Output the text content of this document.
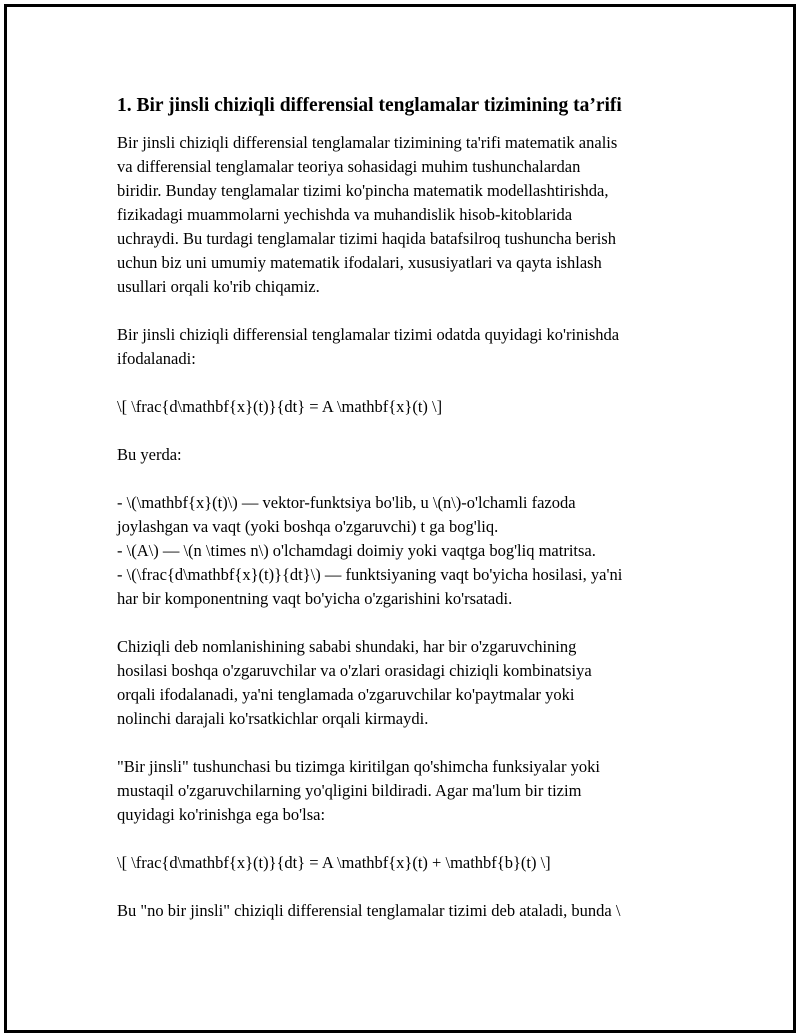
1. Bir jinsli chiziqli differensial tenglamalar tizimining ta’rifi

Bir jinsli chiziqli differensial tenglamalar tizimining ta'rifi matematik analis
va differensial tenglamalar teoriya sohasidagi muhim tushunchalardan
biridir. Bunday tenglamalar tizimi ko'pincha matematik modellashtirishda,
fizikadagi muammolarni yechishda va muhandislik hisob-kitoblarida
uchraydi. Bu turdagi tenglamalar tizimi haqida batafsilroq tushuncha berish
uchun biz uni umumiy matematik ifodalari, xususiyatlari va qayta ishlash
usullari orqali ko'rib chiqamiz.

Bir jinsli chiziqli differensial tenglamalar tizimi odatda quyidagi ko'rinishda
ifodalanadi:

\[ \frac{d\mathbf{x}(t)}{dt} = A \mathbf{x}(t) \]

Bu yerda:

- \(\mathbf{x}(t)\) — vektor-funktsiya bo'lib, u \(n\)-o'lchamli fazoda
joylashgan va vaqt (yoki boshqa o'zgaruvchi) t ga bog'liq.
- \(A\) — \(n \times n\) o'lchamdagi doimiy yoki vaqtga bog'liq matritsa.
- \(\frac{d\mathbf{x}(t)}{dt}\) — funktsiyaning vaqt bo'yicha hosilasi, ya'ni
har bir komponentning vaqt bo'yicha o'zgarishini ko'rsatadi.

Chiziqli deb nomlanishining sababi shundaki, har bir o'zgaruvchining
hosilasi boshqa o'zgaruvchilar va o'zlari orasidagi chiziqli kombinatsiya
orqali ifodalanadi, ya'ni tenglamada o'zgaruvchilar ko'paytmalar yoki
nolinchi darajali ko'rsatkichlar orqali kirmaydi.

"Bir jinsli" tushunchasi bu tizimga kiritilgan qo'shimcha funksiyalar yoki
mustaqil o'zgaruvchilarning yo'qligini bildiradi. Agar ma'lum bir tizim
quyidagi ko'rinishga ega bo'lsa:

\[ \frac{d\mathbf{x}(t)}{dt} = A \mathbf{x}(t) + \mathbf{b}(t) \]

Bu "no bir jinsli" chiziqli differensial tenglamalar tizimi deb ataladi, bunda \
